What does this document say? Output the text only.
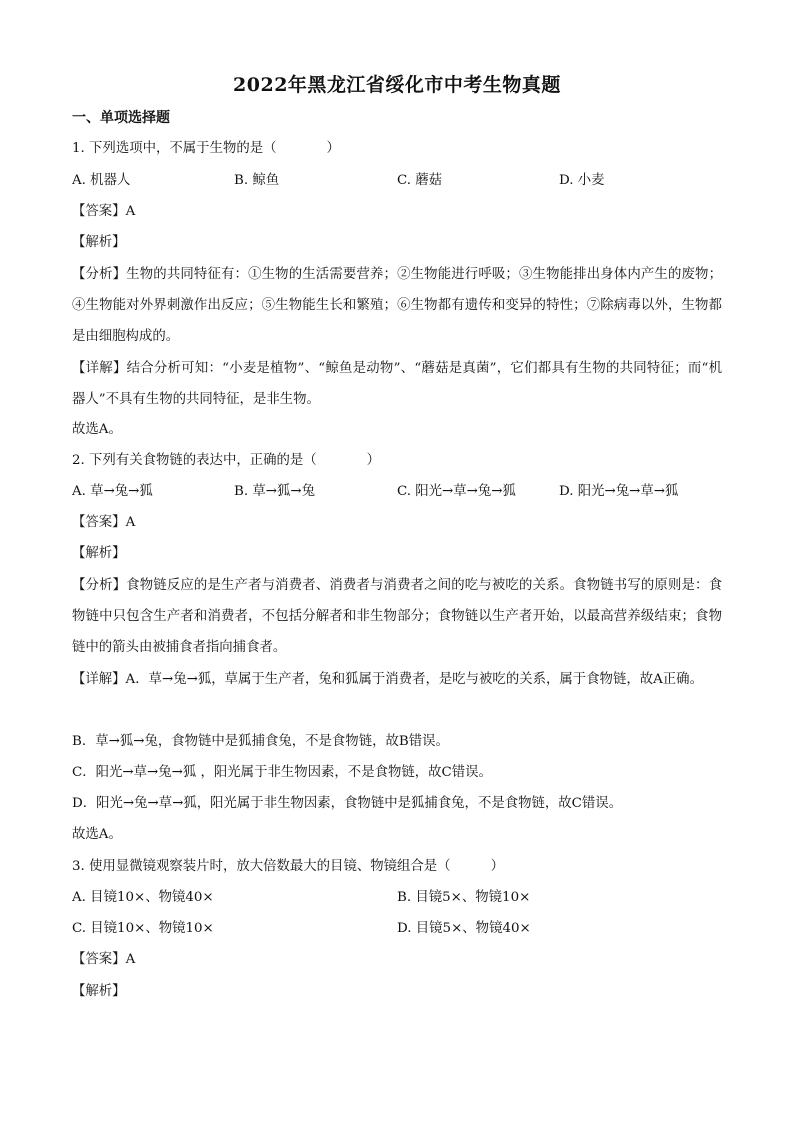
2022年黑龙江省绥化市中考生物真题
一、单项选择题
1. 下列选项中，不属于生物的是（	）
A. 机器人	B. 鲸鱼	C. 蘑菇	D. 小麦
【答案】A
【解析】
【分析】生物的共同特征有：①生物的生活需要营养；②生物能进行呼吸；③生物能排出身体内产生的废物；④生物能对外界刺激作出反应；⑤生物能生长和繁殖；⑥生物都有遗传和变异的特性；⑦除病毒以外，生物都是由细胞构成的。
【详解】结合分析可知：“小麦是植物”、“鲸鱼是动物”、“蘑菇是真菌”，它们都具有生物的共同特征；而“机器人”不具有生物的共同特征，是非生物。
故选A。
2. 下列有关食物链的表达中，正确的是（	）
A. 草→兔→狐	B. 草→狐→兔	C. 阳光→草→兔→狐	D. 阳光→兔→草→狐
【答案】A
【解析】
【分析】食物链反应的是生产者与消费者、消费者与消费者之间的吃与被吃的关系。食物链书写的原则是：食物链中只包含生产者和消费者，不包括分解者和非生物部分；食物链以生产者开始，以最高营养级结束；食物链中的箭头由被捕食者指向捕食者。
【详解】A．草→兔→狐，草属于生产者，兔和狐属于消费者，是吃与被吃的关系，属于食物链，故A正确。
B．草→狐→兔，食物链中是狐捕食兔，不是食物链，故B错误。
C．阳光→草→兔→狐 ，阳光属于非生物因素，不是食物链，故C错误。
D．阳光→兔→草→狐，阳光属于非生物因素，食物链中是狐捕食兔，不是食物链，故C错误。
故选A。
3. 使用显微镜观察装片时，放大倍数最大的目镜、物镜组合是（	）
A. 目镜10×、物镜40×	B. 目镜5×、物镜10×
C. 目镜10×、物镜10×	D. 目镜5×、物镜40×
【答案】A
【解析】
